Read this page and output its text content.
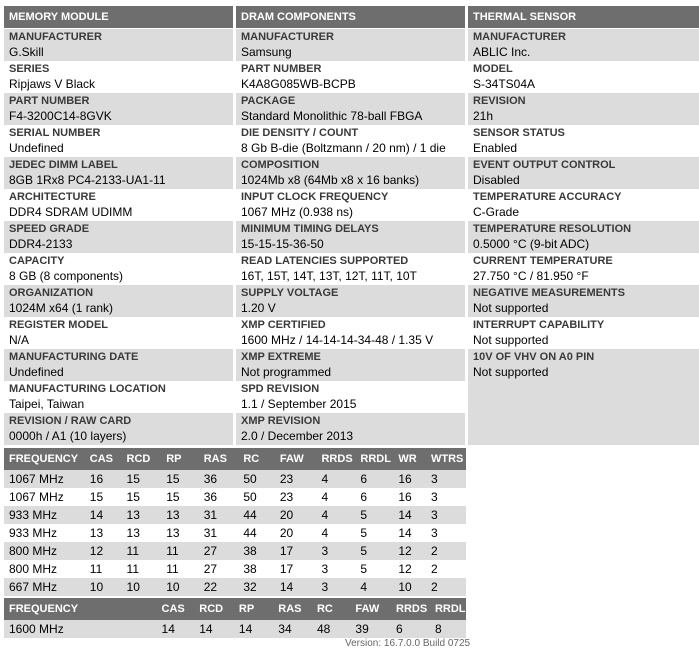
MEMORY MODULE
MANUFACTURER
G.Skill
SERIES
Ripjaws V Black
PART NUMBER
F4-3200C14-8GVK
SERIAL NUMBER
Undefined
JEDEC DIMM LABEL
8GB 1Rx8 PC4-2133-UA1-11
ARCHITECTURE
DDR4 SDRAM UDIMM
SPEED GRADE
DDR4-2133
CAPACITY
8 GB (8 components)
ORGANIZATION
1024M x64 (1 rank)
REGISTER MODEL
N/A
MANUFACTURING DATE
Undefined
MANUFACTURING LOCATION
Taipei, Taiwan
REVISION / RAW CARD
0000h / A1 (10 layers)
DRAM COMPONENTS
MANUFACTURER
Samsung
PART NUMBER
K4A8G085WB-BCPB
PACKAGE
Standard Monolithic 78-ball FBGA
DIE DENSITY / COUNT
8 Gb B-die (Boltzmann / 20 nm) / 1 die
COMPOSITION
1024Mb x8 (64Mb x8 x 16 banks)
INPUT CLOCK FREQUENCY
1067 MHz (0.938 ns)
MINIMUM TIMING DELAYS
15-15-15-36-50
READ LATENCIES SUPPORTED
16T, 15T, 14T, 13T, 12T, 11T, 10T
SUPPLY VOLTAGE
1.20 V
XMP CERTIFIED
1600 MHz / 14-14-14-34-48 / 1.35 V
XMP EXTREME
Not programmed
SPD REVISION
1.1 / September 2015
XMP REVISION
2.0 / December 2013
THERMAL SENSOR
MANUFACTURER
ABLIC Inc.
MODEL
S-34TS04A
REVISION
21h
SENSOR STATUS
Enabled
EVENT OUTPUT CONTROL
Disabled
TEMPERATURE ACCURACY
C-Grade
TEMPERATURE RESOLUTION
0.5000 °C (9-bit ADC)
CURRENT TEMPERATURE
27.750 °C / 81.950 °F
NEGATIVE MEASUREMENTS
Not supported
INTERRUPT CAPABILITY
Not supported
10V OF VHV ON A0 PIN
Not supported
FREQUENCY	CAS	RCD	RP	RAS	RC	FAW	RRDS	RRDL	WR	WTRS
1067 MHz	16	15	15	36	50	23	4	6	16	3
1067 MHz	15	15	15	36	50	23	4	6	16	3
933 MHz	14	13	13	31	44	20	4	5	14	3
933 MHz	13	13	13	31	44	20	4	5	14	3
800 MHz	12	11	11	27	38	17	3	5	12	2
800 MHz	11	11	11	27	38	17	3	5	12	2
667 MHz	10	10	10	22	32	14	3	4	10	2
FREQUENCY	CAS	RCD	RP	RAS	RC	FAW	RRDS	RRDL
1600 MHz	14	14	14	34	48	39	6	8
Version: 16.7.0.0 Build 0725
